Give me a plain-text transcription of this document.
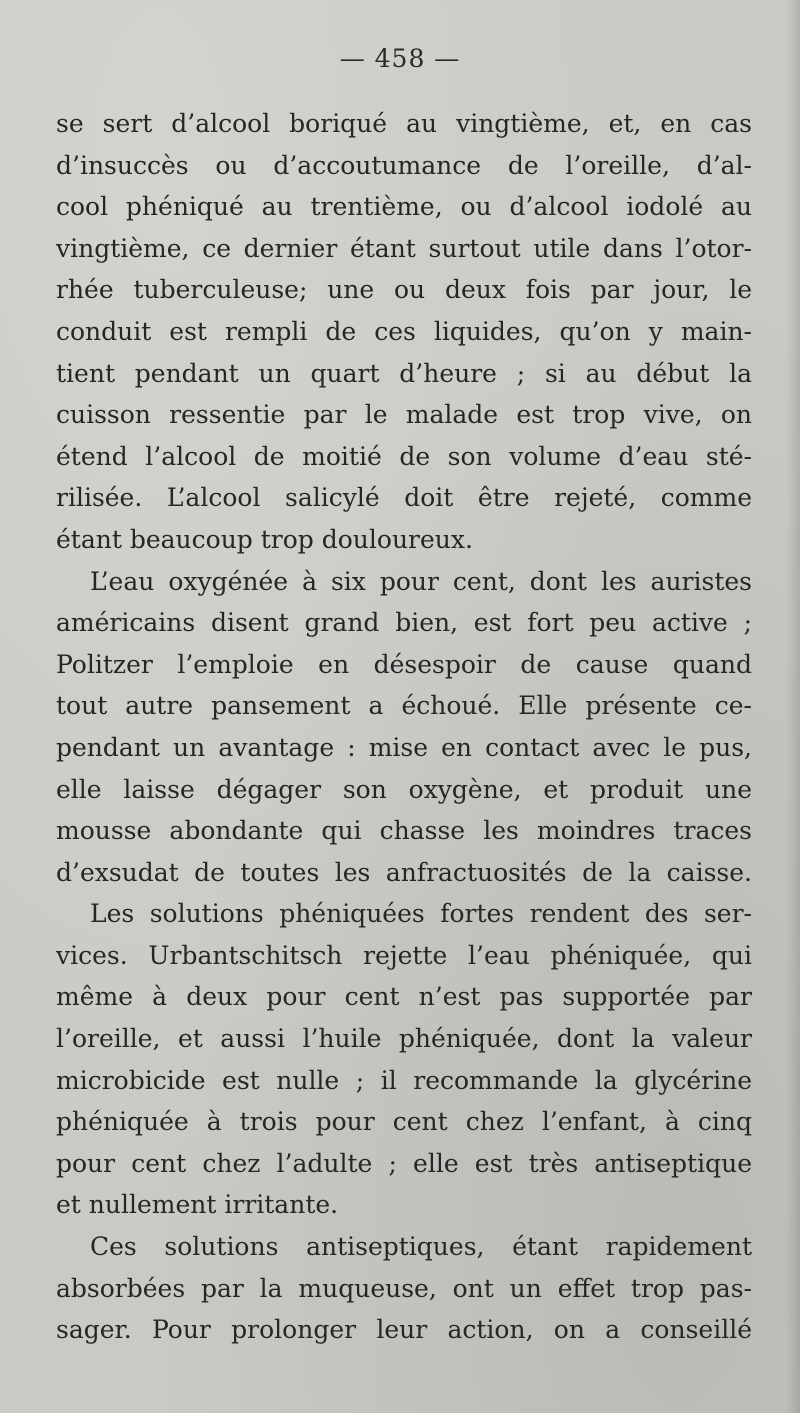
— 458 —
se sert d’alcool boriqué au vingtième, et, en cas
d’insuccès ou d’accoutumance de l’oreille, d’al-
cool phéniqué au trentième, ou d’alcool iodolé au
vingtième, ce dernier étant surtout utile dans l’otor-
rhée tuberculeuse; une ou deux fois par jour, le
conduit est rempli de ces liquides, qu’on y main-
tient pendant un quart d’heure ; si au début la
cuisson ressentie par le malade est trop vive, on
étend l’alcool de moitié de son volume d’eau sté-
rilisée. L’alcool salicylé doit être rejeté, comme
étant beaucoup trop douloureux.
L’eau oxygénée à six pour cent, dont les auristes
américains disent grand bien, est fort peu active ;
Politzer l’emploie en désespoir de cause quand
tout autre pansement a échoué. Elle présente ce-
pendant un avantage : mise en contact avec le pus,
elle laisse dégager son oxygène, et produit une
mousse abondante qui chasse les moindres traces
d’exsudat de toutes les anfractuosités de la caisse.
Les solutions phéniquées fortes rendent des ser-
vices. Urbantschitsch rejette l’eau phéniquée, qui
même à deux pour cent n’est pas supportée par
l’oreille, et aussi l’huile phéniquée, dont la valeur
microbicide est nulle ; il recommande la glycérine
phéniquée à trois pour cent chez l’enfant, à cinq
pour cent chez l’adulte ; elle est très antiseptique
et nullement irritante.
Ces solutions antiseptiques, étant rapidement
absorbées par la muqueuse, ont un effet trop pas-
sager. Pour prolonger leur action, on a conseillé
